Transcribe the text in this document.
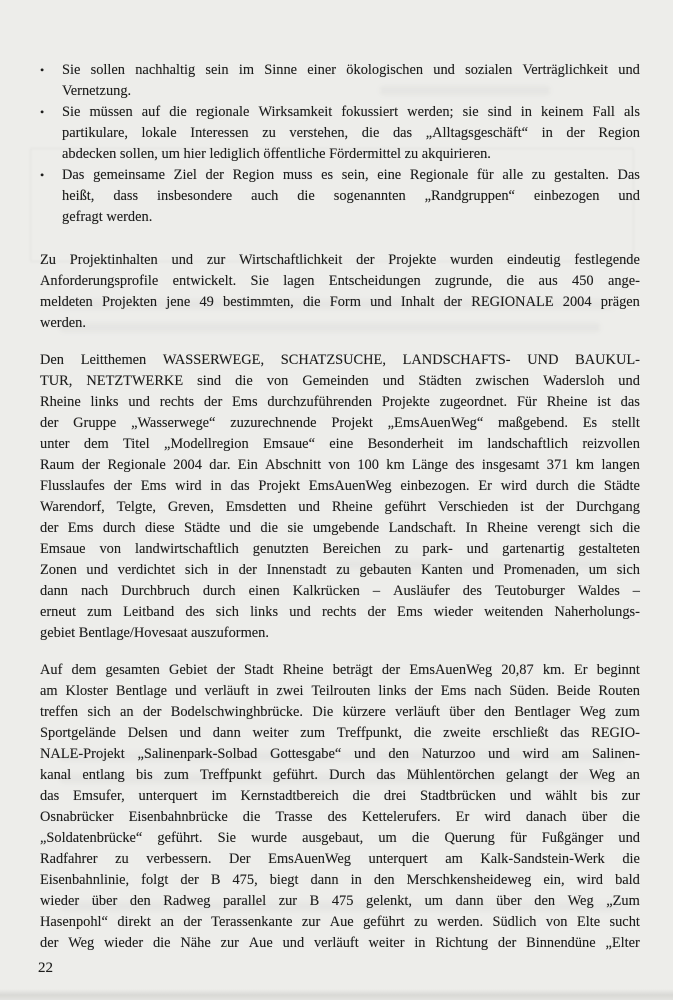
•	Sie sollen nachhaltig sein im Sinne einer ökologischen und sozialen Verträglichkeit und
Vernetzung.
•	Sie müssen auf die regionale Wirksamkeit fokussiert werden; sie sind in keinem Fall als
partikulare, lokale Interessen zu verstehen, die das „Alltagsgeschäft“ in der Region
abdecken sollen, um hier lediglich öffentliche Fördermittel zu akquirieren.
•	Das gemeinsame Ziel der Region muss es sein, eine Regionale für alle zu gestalten. Das
heißt, dass insbesondere auch die sogenannten „Randgruppen“ einbezogen und
gefragt werden.
Zu Projektinhalten und zur Wirtschaftlichkeit der Projekte wurden eindeutig festlegende
Anforderungsprofile entwickelt. Sie lagen Entscheidungen zugrunde, die aus 450 ange-
meldeten Projekten jene 49 bestimmten, die Form und Inhalt der REGIONALE 2004 prägen
werden.
Den Leitthemen WASSERWEGE, SCHATZSUCHE, LANDSCHAFTS- UND BAUKUL-
TUR, NETZTWERKE sind die von Gemeinden und Städten zwischen Wadersloh und
Rheine links und rechts der Ems durchzuführenden Projekte zugeordnet. Für Rheine ist das
der Gruppe „Wasserwege“ zuzurechnende Projekt „EmsAuenWeg“ maßgebend. Es stellt
unter dem Titel „Modellregion Emsaue“ eine Besonderheit im landschaftlich reizvollen
Raum der Regionale 2004 dar. Ein Abschnitt von 100 km Länge des insgesamt 371 km langen
Flusslaufes der Ems wird in das Projekt EmsAuenWeg einbezogen. Er wird durch die Städte
Warendorf, Telgte, Greven, Emsdetten und Rheine geführt Verschieden ist der Durchgang
der Ems durch diese Städte und die sie umgebende Landschaft. In Rheine verengt sich die
Emsaue von landwirtschaftlich genutzten Bereichen zu park- und gartenartig gestalteten
Zonen und verdichtet sich in der Innenstadt zu gebauten Kanten und Promenaden, um sich
dann nach Durchbruch durch einen Kalkrücken – Ausläufer des Teutoburger Waldes –
erneut zum Leitband des sich links und rechts der Ems wieder weitenden Naherholungs-
gebiet Bentlage/Hovesaat auszuformen.
Auf dem gesamten Gebiet der Stadt Rheine beträgt der EmsAuenWeg 20,87 km. Er beginnt
am Kloster Bentlage und verläuft in zwei Teilrouten links der Ems nach Süden. Beide Routen
treffen sich an der Bodelschwinghbrücke. Die kürzere verläuft über den Bentlager Weg zum
Sportgelände Delsen und dann weiter zum Treffpunkt, die zweite erschließt das REGIO-
NALE-Projekt „Salinenpark-Solbad Gottesgabe“ und den Naturzoo und wird am Salinen-
kanal entlang bis zum Treffpunkt geführt. Durch das Mühlentörchen gelangt der Weg an
das Emsufer, unterquert im Kernstadtbereich die drei Stadtbrücken und wählt bis zur
Osnabrücker Eisenbahnbrücke die Trasse des Kettelerufers. Er wird danach über die
„Soldatenbrücke“ geführt. Sie wurde ausgebaut, um die Querung für Fußgänger und
Radfahrer zu verbessern. Der EmsAuenWeg unterquert am Kalk-Sandstein-Werk die
Eisenbahnlinie, folgt der B 475, biegt dann in den Merschkensheideweg ein, wird bald
wieder über den Radweg parallel zur B 475 gelenkt, um dann über den Weg „Zum
Hasenpohl“ direkt an der Terassenkante zur Aue geführt zu werden. Südlich von Elte sucht
der Weg wieder die Nähe zur Aue und verläuft weiter in Richtung der Binnendüne „Elter
22
